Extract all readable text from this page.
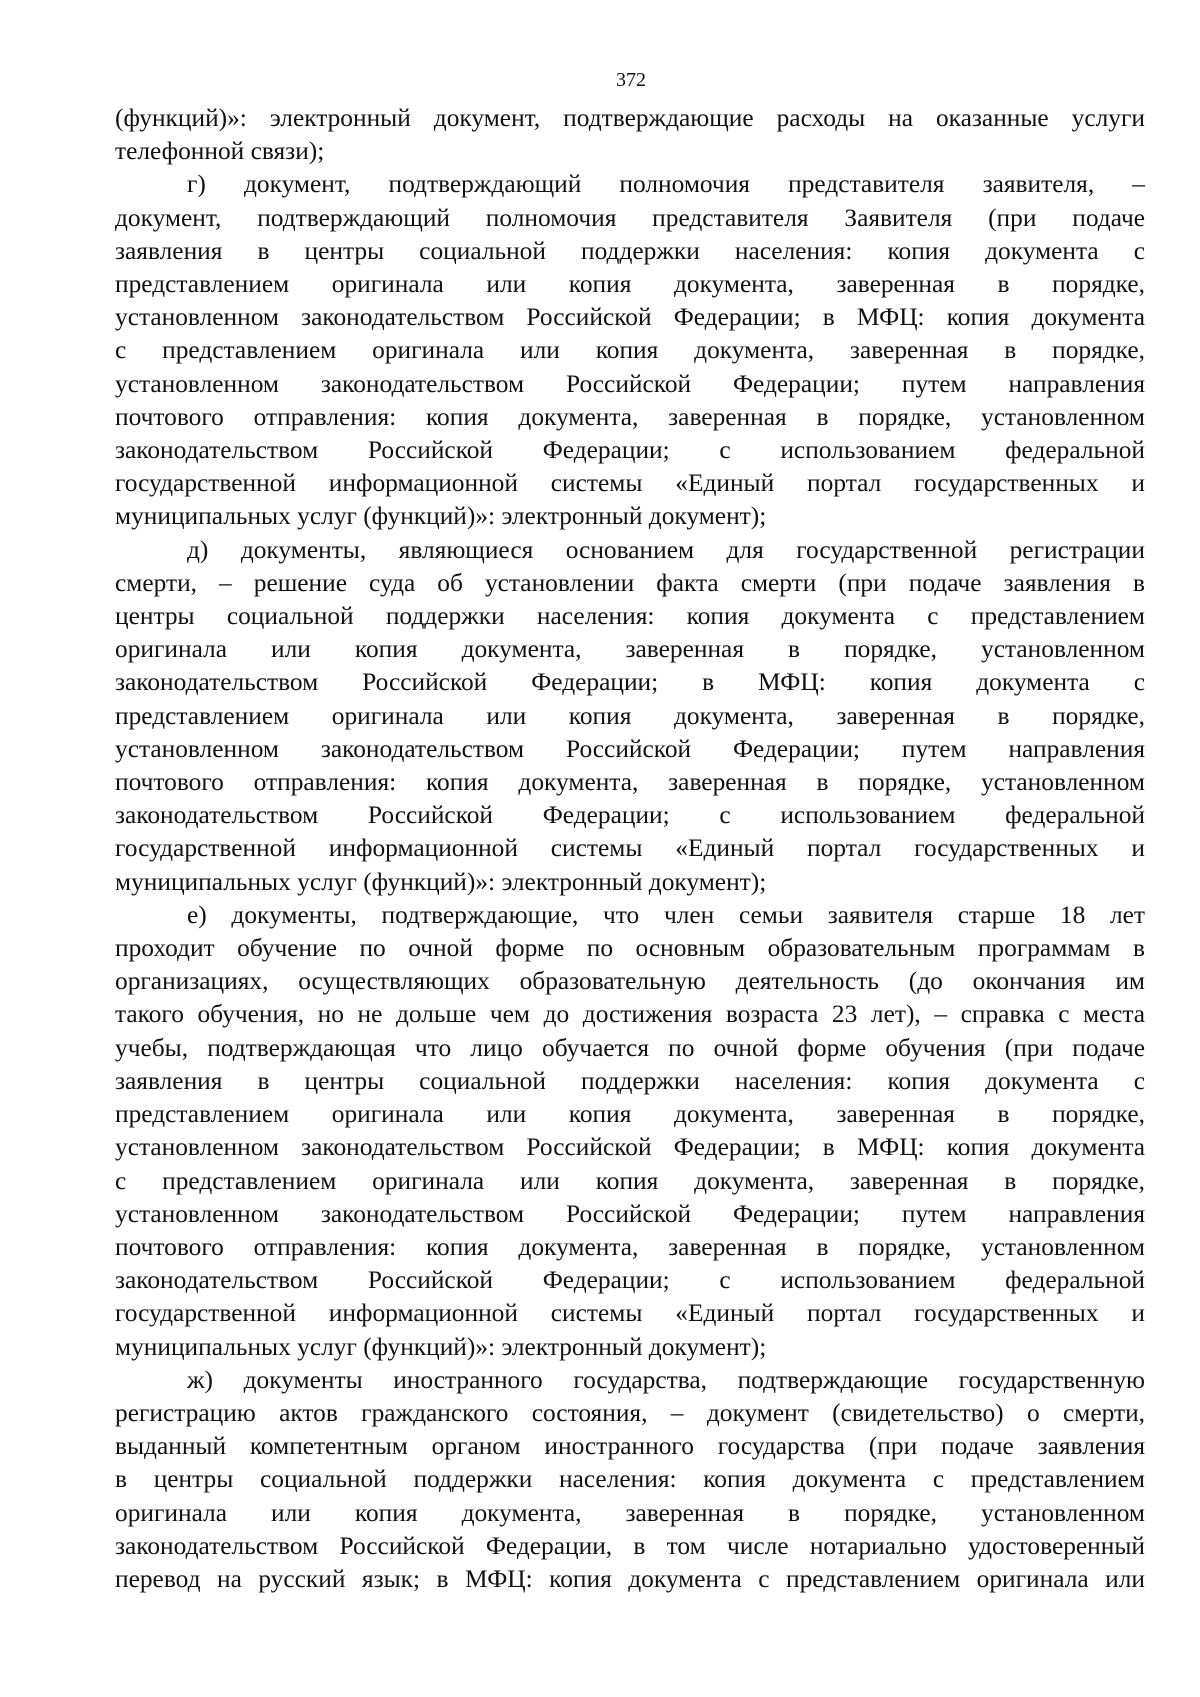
372
(функций)»: электронный документ, подтверждающие расходы на оказанные услуги
телефонной связи);
г) документ, подтверждающий полномочия представителя заявителя, –
документ, подтверждающий полномочия представителя Заявителя (при подаче
заявления в центры социальной поддержки населения: копия документа с
представлением оригинала или копия документа, заверенная в порядке,
установленном законодательством Российской Федерации; в МФЦ: копия документа
с представлением оригинала или копия документа, заверенная в порядке,
установленном законодательством Российской Федерации; путем направления
почтового отправления: копия документа, заверенная в порядке, установленном
законодательством Российской Федерации; с использованием федеральной
государственной информационной системы «Единый портал государственных и
муниципальных услуг (функций)»: электронный документ);
д) документы, являющиеся основанием для государственной регистрации
смерти, – решение суда об установлении факта смерти (при подаче заявления в
центры социальной поддержки населения: копия документа с представлением
оригинала или копия документа, заверенная в порядке, установленном
законодательством Российской Федерации; в МФЦ: копия документа с
представлением оригинала или копия документа, заверенная в порядке,
установленном законодательством Российской Федерации; путем направления
почтового отправления: копия документа, заверенная в порядке, установленном
законодательством Российской Федерации; с использованием федеральной
государственной информационной системы «Единый портал государственных и
муниципальных услуг (функций)»: электронный документ);
е) документы, подтверждающие, что член семьи заявителя старше 18 лет
проходит обучение по очной форме по основным образовательным программам в
организациях, осуществляющих образовательную деятельность (до окончания им
такого обучения, но не дольше чем до достижения возраста 23 лет), – справка с места
учебы, подтверждающая что лицо обучается по очной форме обучения (при подаче
заявления в центры социальной поддержки населения: копия документа с
представлением оригинала или копия документа, заверенная в порядке,
установленном законодательством Российской Федерации; в МФЦ: копия документа
с представлением оригинала или копия документа, заверенная в порядке,
установленном законодательством Российской Федерации; путем направления
почтового отправления: копия документа, заверенная в порядке, установленном
законодательством Российской Федерации; с использованием федеральной
государственной информационной системы «Единый портал государственных и
муниципальных услуг (функций)»: электронный документ);
ж) документы иностранного государства, подтверждающие государственную
регистрацию актов гражданского состояния, – документ (свидетельство) о смерти,
выданный компетентным органом иностранного государства (при подаче заявления
в центры социальной поддержки населения: копия документа с представлением
оригинала или копия документа, заверенная в порядке, установленном
законодательством Российской Федерации, в том числе нотариально удостоверенный
перевод на русский язык; в МФЦ: копия документа с представлением оригинала или
